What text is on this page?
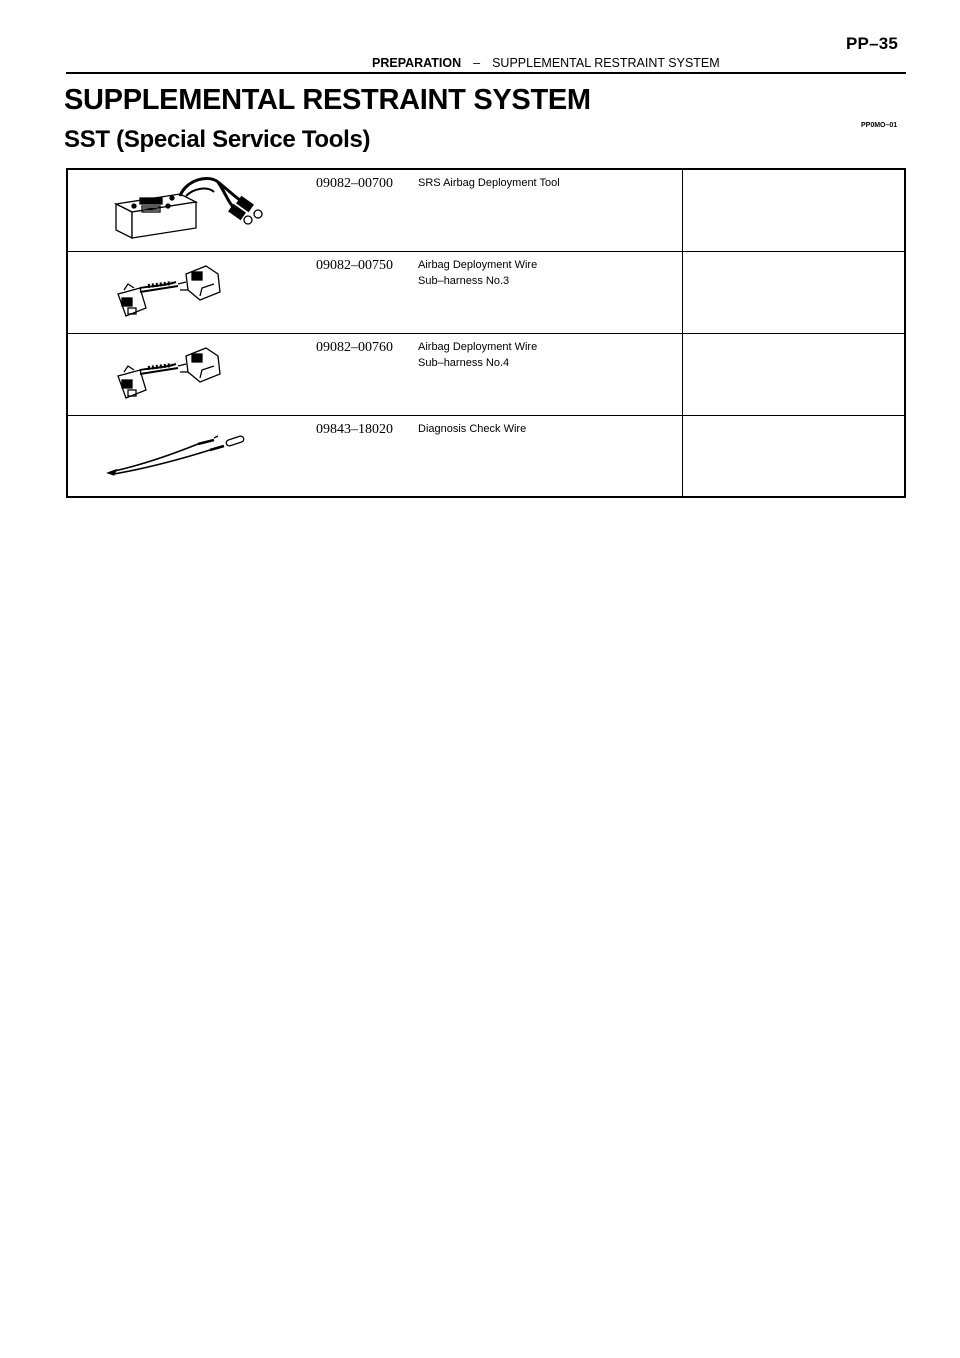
PP–35
PREPARATION – SUPPLEMENTAL RESTRAINT SYSTEM
SUPPLEMENTAL RESTRAINT SYSTEM
SST (Special Service Tools)
PP0MO–01
09082–00700 SRS Airbag Deployment Tool
09082–00750 Airbag Deployment Wire
Sub–harness No.3
09082–00760 Airbag Deployment Wire
Sub–harness No.4
09843–18020 Diagnosis Check Wire
